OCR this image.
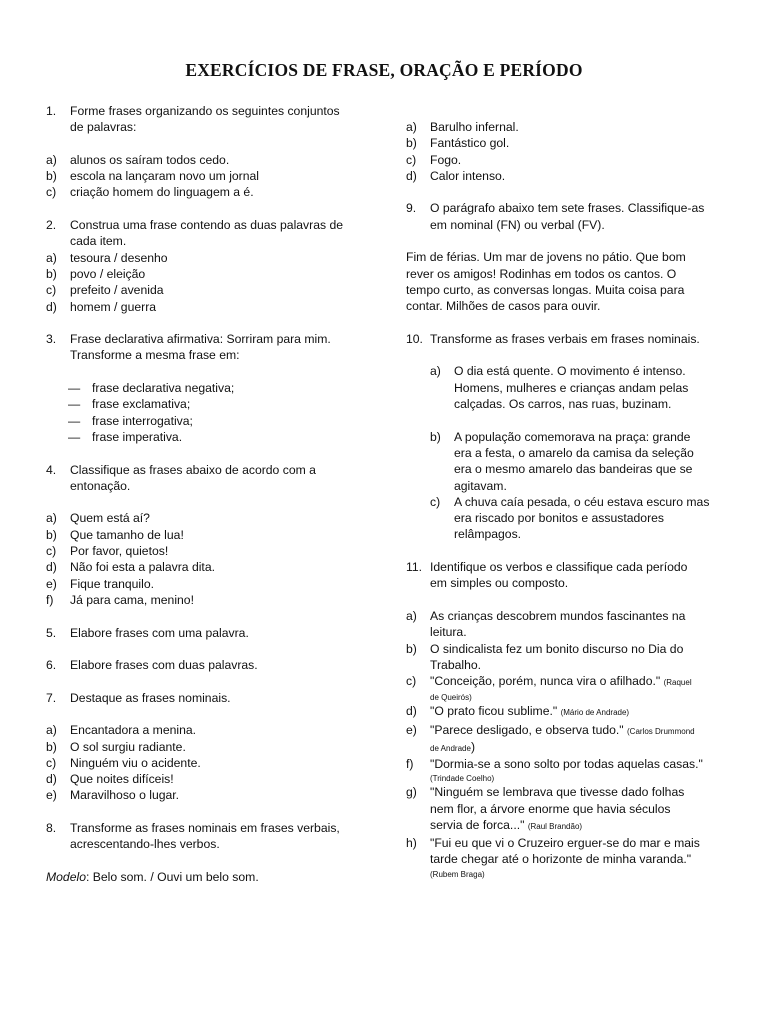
EXERCÍCIOS DE FRASE, ORAÇÃO E PERÍODO
1.	Forme frases organizando os seguintes conjuntos
de palavras:
a)	alunos os saíram todos cedo.
b)	escola na lançaram novo um jornal
c)	criação homem do linguagem a é.
2.	Construa uma frase contendo as duas palavras de
cada item.
a)	tesoura / desenho
b)	povo / eleição
c)	prefeito / avenida
d)	homem / guerra
3.	Frase declarativa afirmativa: Sorriram para mim.
Transforme a mesma frase em:
— frase declarativa negativa;
— frase exclamativa;
— frase interrogativa;
— frase imperativa.
4.	Classifique as frases abaixo de acordo com a
entonação.
a)	Quem está aí?
b)	Que tamanho de lua!
c)	Por favor, quietos!
d)	Não foi esta a palavra dita.
e)	Fique tranquilo.
f)	Já para cama, menino!
5.	Elabore frases com uma palavra.
6.	Elabore frases com duas palavras.
7.	Destaque as frases nominais.
a)	Encantadora a menina.
b)	O sol surgiu radiante.
c)	Ninguém viu o acidente.
d)	Que noites difíceis!
e)	Maravilhoso o lugar.
8.	Transforme as frases nominais em frases verbais,
acrescentando-lhes verbos.
Modelo: Belo som. / Ouvi um belo som.
a)	Barulho infernal.
b)	Fantástico gol.
c)	Fogo.
d)	Calor intenso.
9.	O parágrafo abaixo tem sete frases. Classifique-as
em nominal (FN) ou verbal (FV).
Fim de férias. Um mar de jovens no pátio. Que bom
rever os amigos! Rodinhas em todos os cantos. O
tempo curto, as conversas longas. Muita coisa para
contar. Milhões de casos para ouvir.
10. Transforme as frases verbais em frases nominais.
a)	O dia está quente. O movimento é intenso.
Homens, mulheres e crianças andam pelas
calçadas. Os carros, nas ruas, buzinam.
b)	A população comemorava na praça: grande
era a festa, o amarelo da camisa da seleção
era o mesmo amarelo das bandeiras que se
agitavam.
c)	A chuva caía pesada, o céu estava escuro mas
era riscado por bonitos e assustadores
relâmpagos.
11. Identifique os verbos e classifique cada período
em simples ou composto.
a)	As crianças descobrem mundos fascinantes na
leitura.
b)	O sindicalista fez um bonito discurso no Dia do
Trabalho.
c)	"Conceição, porém, nunca vira o afilhado." (Raquel
de Queirós)
d)	"O prato ficou sublime." (Mário de Andrade)
e)	"Parece desligado, e observa tudo." (Carlos Drummond
de Andrade)
f)	"Dormia-se a sono solto por todas aquelas casas."
(Trindade Coelho)
g)	"Ninguém se lembrava que tivesse dado folhas
nem flor, a árvore enorme que havia séculos
servia de forca..." (Raul Brandão)
h)	"Fui eu que vi o Cruzeiro erguer-se do mar e mais
tarde chegar até o horizonte de minha varanda."
(Rubem Braga)
